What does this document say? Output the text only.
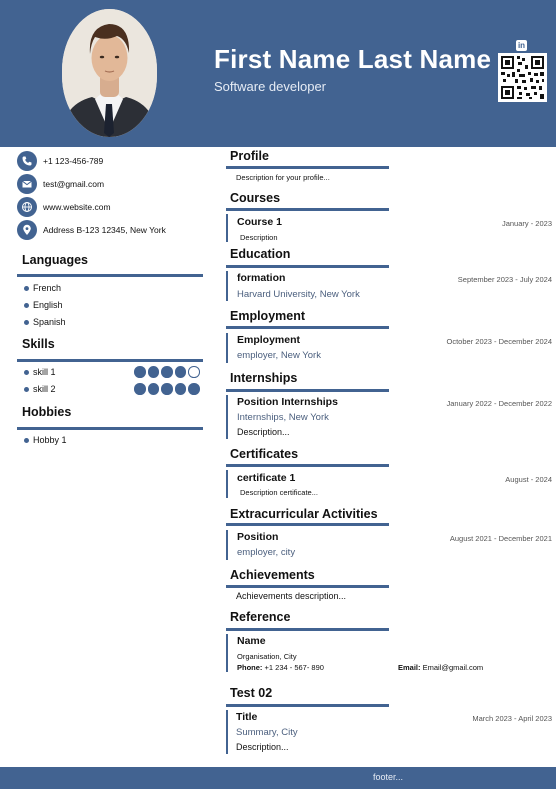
First Name Last Name
Software developer
in
+1 123-456-789
test@gmail.com
www.website.com
Address B-123 12345, New York
Languages
French
English
Spanish
Skills
skill 1
skill 2
Hobbies
Hobby 1
Profile
Description for your profile...
Courses
Course 1	January - 2023
Description
Education
formation	September 2023 - July 2024
Harvard University, New York
Employment
Employment	October 2023 - December 2024
employer, New York
Internships
Position Internships	January 2022 - December 2022
Internships, New York
Description...
Certificates
certificate 1	August - 2024
Description certificate...
Extracurricular Activities
Position	August 2021 - December 2021
employer, city
Achievements
Achievements description...
Reference
Name
Organisation, City
Phone: +1 234 - 567- 890	Email: Email@gmail.com
Test 02
Title	March 2023 - April 2023
Summary, City
Description...
footer...
